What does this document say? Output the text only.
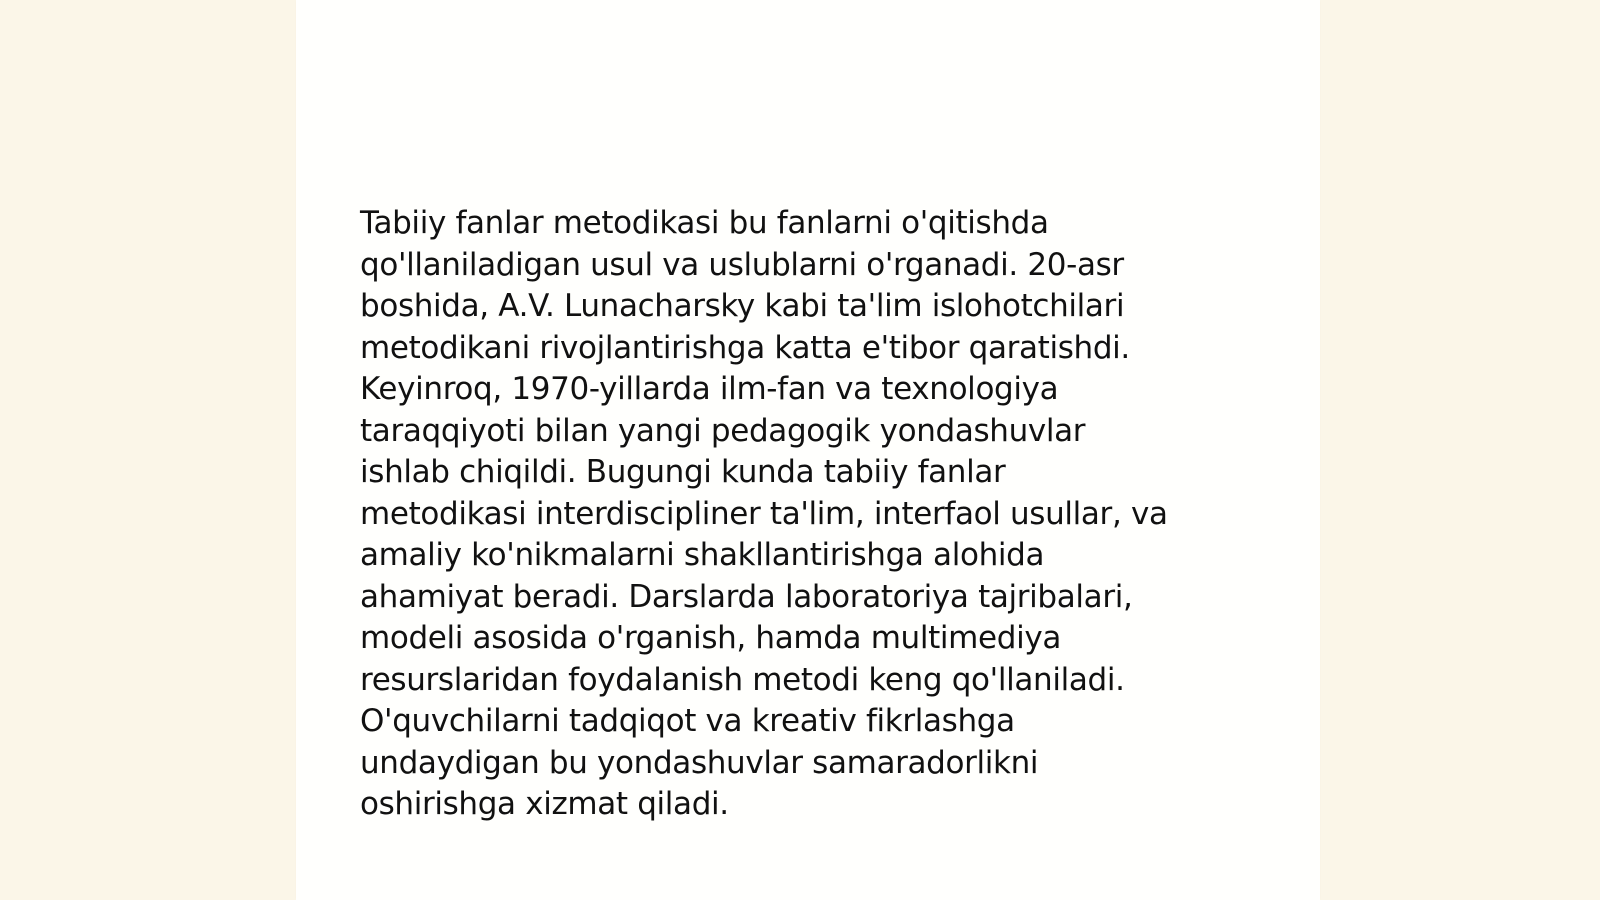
Tabiiy fanlar metodikasi bu fanlarni o'qitishda
qo'llaniladigan usul va uslublarni o'rganadi. 20-asr
boshida, A.V. Lunacharsky kabi ta'lim islohotchilari
metodikani rivojlantirishga katta e'tibor qaratishdi.
Keyinroq, 1970-yillarda ilm-fan va texnologiya
taraqqiyoti bilan yangi pedagogik yondashuvlar
ishlab chiqildi. Bugungi kunda tabiiy fanlar
metodikasi interdiscipliner ta'lim, interfaol usullar, va
amaliy ko'nikmalarni shakllantirishga alohida
ahamiyat beradi. Darslarda laboratoriya tajribalari,
modeli asosida o'rganish, hamda multimediya
resurslaridan foydalanish metodi keng qo'llaniladi.
O'quvchilarni tadqiqot va kreativ fikrlashga
undaydigan bu yondashuvlar samaradorlikni
oshirishga xizmat qiladi.
